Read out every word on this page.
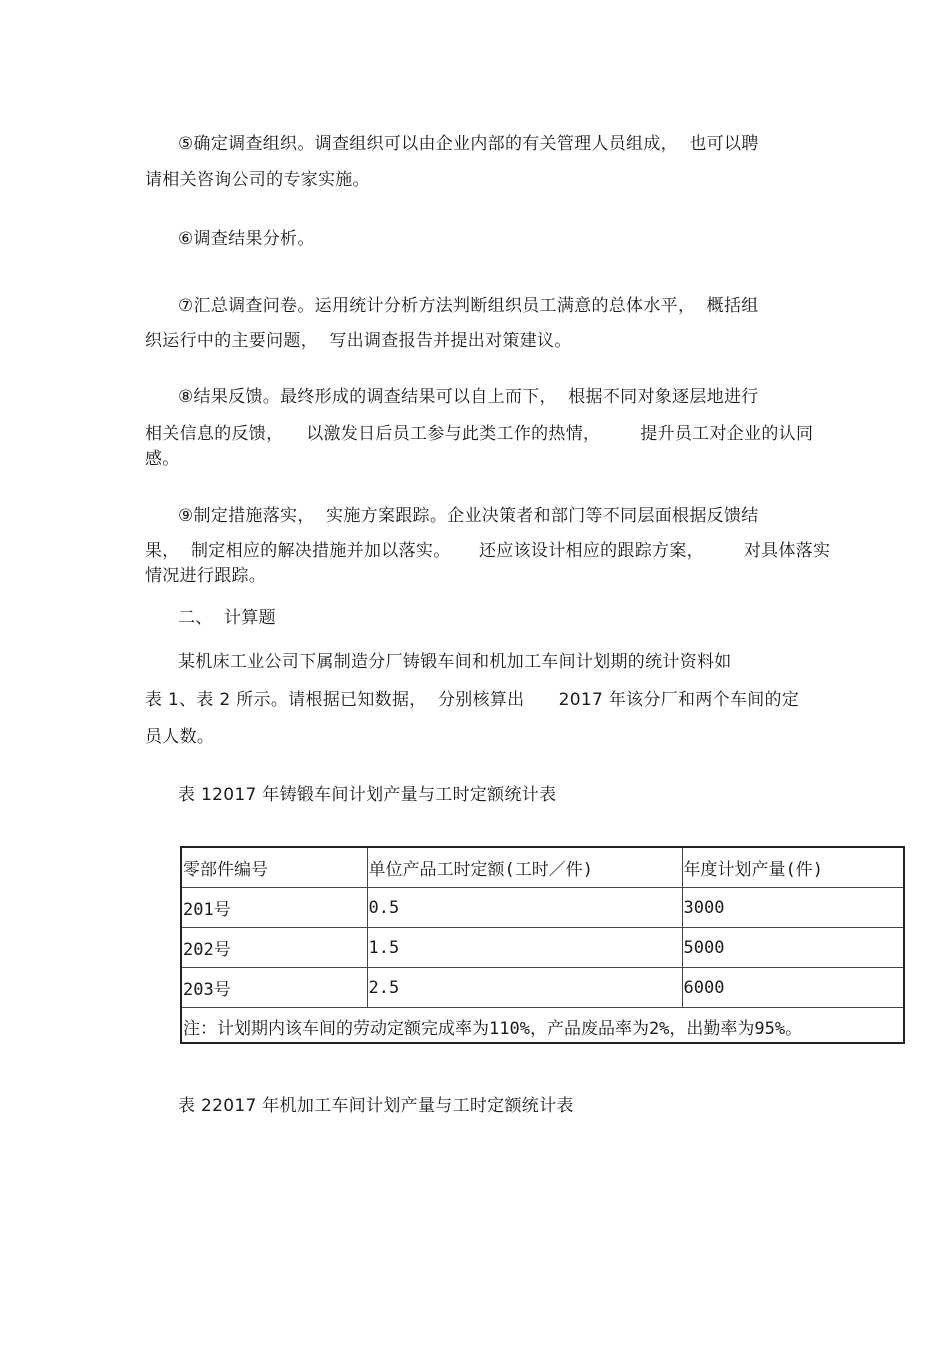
⑤确定调查组织。调查组织可以由企业内部的有关管理人员组成，  也可以聘
请相关咨询公司的专家实施。
⑥调查结果分析。
⑦汇总调查问卷。运用统计分析方法判断组织员工满意的总体水平，  概括组
织运行中的主要问题，  写出调查报告并提出对策建议。
⑧结果反馈。最终形成的调查结果可以自上而下，  根据不同对象逐层地进行
相关信息的反馈，    以激发日后员工参与此类工作的热情，       提升员工对企业的认同
感。
⑨制定措施落实，  实施方案跟踪。企业决策者和部门等不同层面根据反馈结
果，  制定相应的解决措施并加以落实。     还应该设计相应的跟踪方案，       对具体落实
情况进行跟踪。
二、  计算题
某机床工业公司下属制造分厂铸锻车间和机加工车间计划期的统计资料如
表 1、表 2 所示。请根据已知数据，  分别核算出      2017 年该分厂和两个车间的定
员人数。
表 12017 年铸锻车间计划产量与工时定额统计表
零部件编号	单位产品工时定额(工时／件)	年度计划产量(件)
201号	0.5	3000
202号	1.5	5000
203号	2.5	6000
注：计划期内该车间的劳动定额完成率为110%，产品废品率为2%，出勤率为95%。		
表 22017 年机加工车间计划产量与工时定额统计表
